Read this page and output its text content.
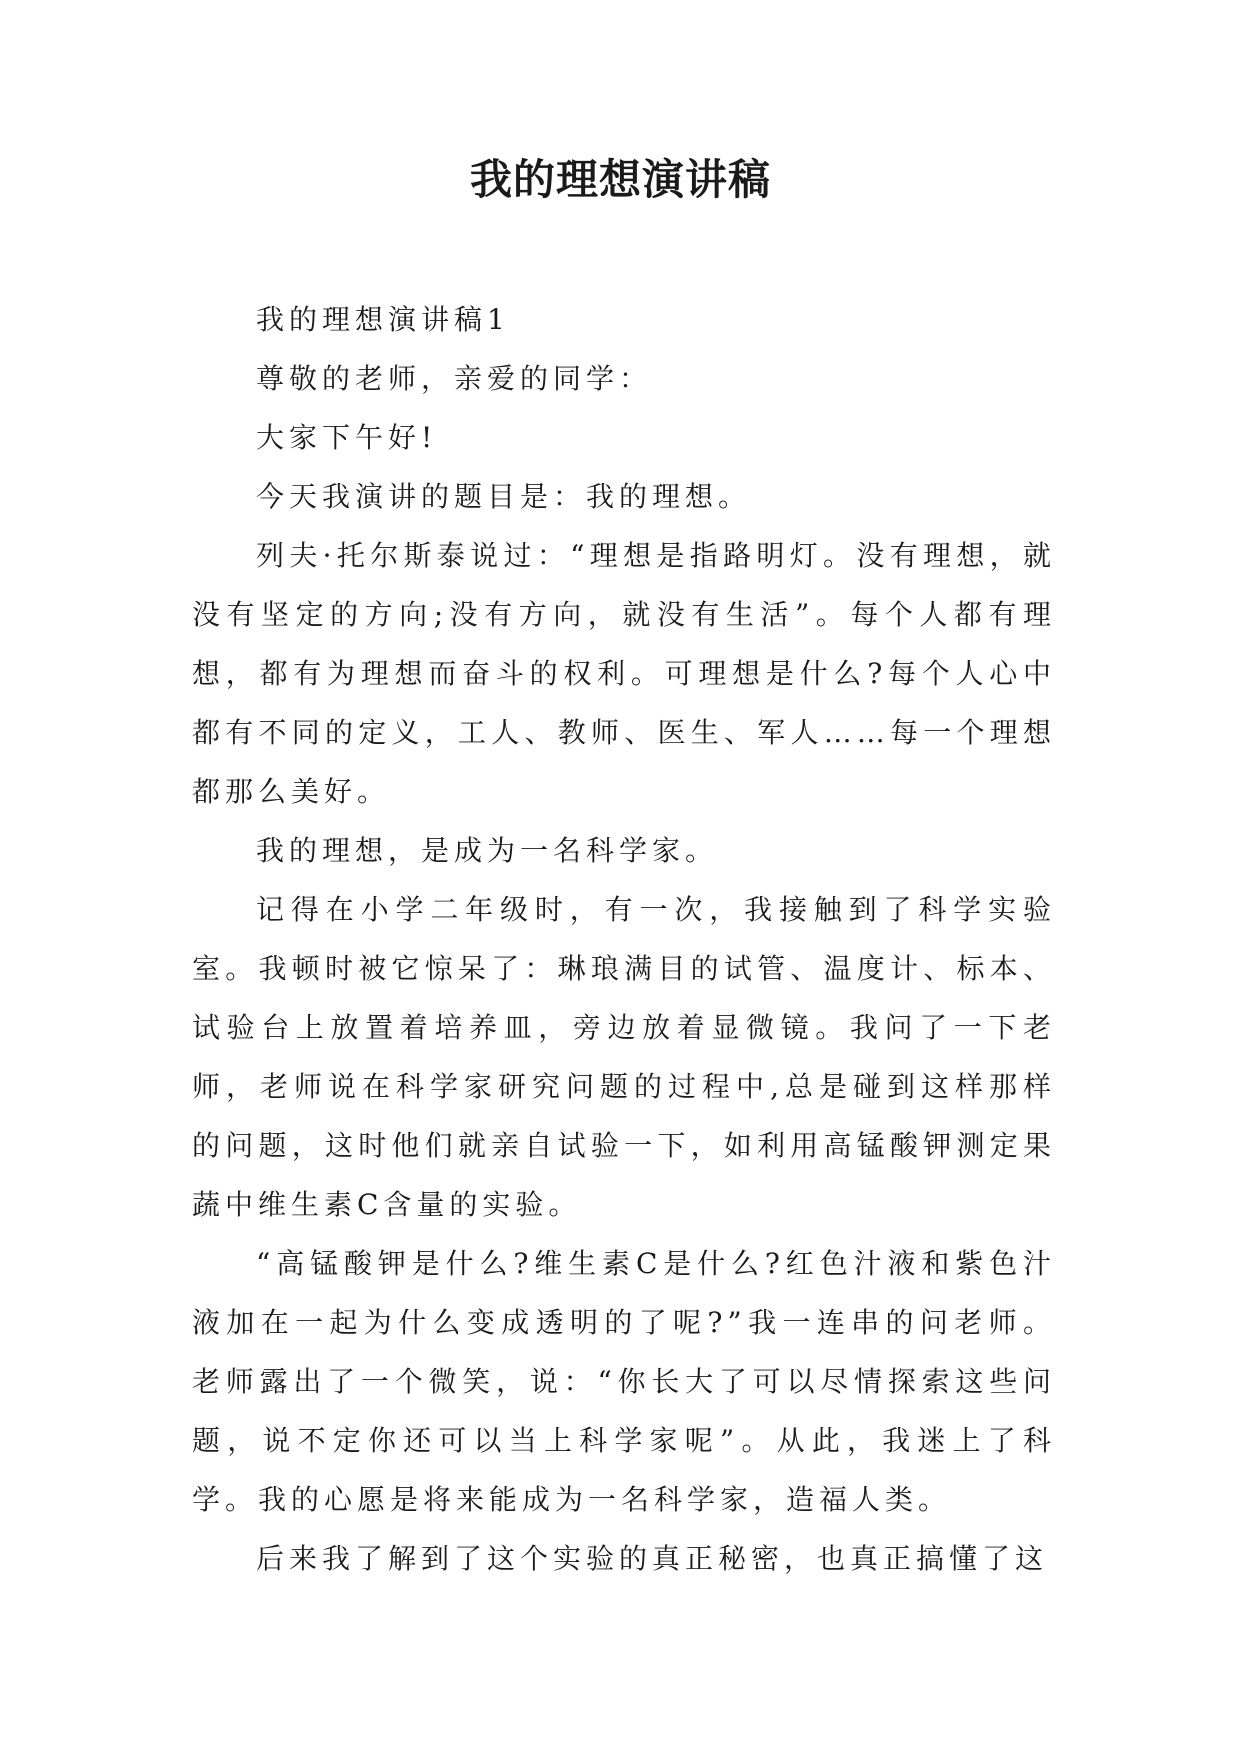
我的理想演讲稿

我的理想演讲稿1

尊敬的老师，亲爱的同学：

大家下午好!

今天我演讲的题目是：我的理想。

列夫·托尔斯泰说过：“理想是指路明灯。没有理想，就没有坚定的方向;没有方向，就没有生活”。每个人都有理想，都有为理想而奋斗的权利。可理想是什么?每个人心中都有不同的定义，工人、教师、医生、军人……每一个理想都那么美好。

我的理想，是成为一名科学家。

记得在小学二年级时，有一次，我接触到了科学实验室。我顿时被它惊呆了：琳琅满目的试管、温度计、标本、试验台上放置着培养皿，旁边放着显微镜。我问了一下老师，老师说在科学家研究问题的过程中,总是碰到这样那样的问题，这时他们就亲自试验一下，如利用高锰酸钾测定果蔬中维生素C含量的实验。

“高锰酸钾是什么?维生素C是什么?红色汁液和紫色汁液加在一起为什么变成透明的了呢?”我一连串的问老师。老师露出了一个微笑，说：“你长大了可以尽情探索这些问题，说不定你还可以当上科学家呢”。从此，我迷上了科学。我的心愿是将来能成为一名科学家，造福人类。

后来我了解到了这个实验的真正秘密，也真正搞懂了这
